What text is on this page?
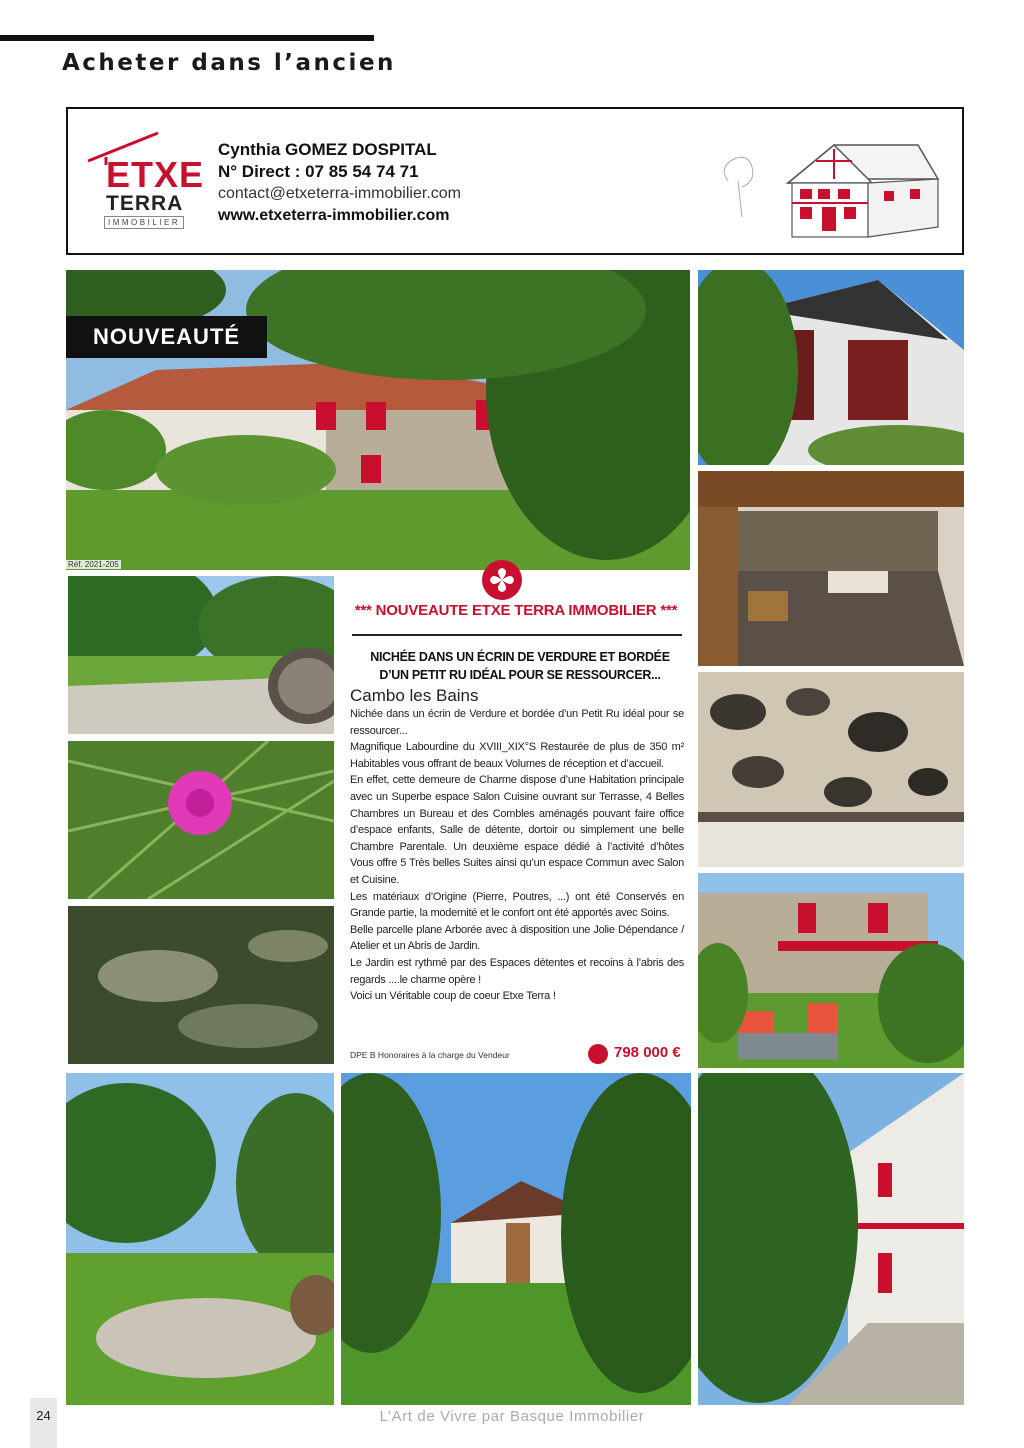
Acheter dans l’ancien
ETXE
TERRA
IMMOBILIER
Cynthia GOMEZ DOSPITAL
N° Direct : 07 85 54 74 71
contact@etxeterra-immobilier.com
www.etxeterra-immobilier.com
NOUVEAUTÉ
Réf. 2021-205
*** NOUVEAUTE ETXE TERRA IMMOBILIER ***
NICHÉE DANS UN ÉCRIN DE VERDURE ET BORDÉE
D’UN PETIT RU IDÉAL POUR SE RESSOURCER...
Cambo les Bains

Nichée dans un écrin de Verdure et bordée d’un Petit Ru idéal pour se ressourcer...

Magnifique Labourdine du XVIII_XIX°S Restaurée de plus de 350 m² Habitables vous offrant de beaux Volumes de réception et d’accueil.

En effet, cette demeure de Charme dispose d’une Habitation principale avec un Superbe espace Salon Cuisine ouvrant sur Terrasse, 4 Belles Chambres un Bureau et des Combles aménagés pouvant faire office d’espace enfants, Salle de détente, dortoir ou simplement une belle Chambre Parentale. Un deuxième espace dédié à l’activité d’hôtes Vous offre 5 Très belles Suites ainsi qu’un espace Commun avec Salon et Cuisine.

Les matériaux d’Origine (Pierre, Poutres, ...) ont été Conservés en Grande partie, la modernité et le confort ont été apportés avec Soins.

Belle parcelle plane Arborée avec à disposition une Jolie Dépendance / Atelier et un Abris de Jardin.

Le Jardin est rythmé par des Espaces détentes et recoins à l’abris des regards ....le charme opère !

Voici un Véritable coup de coeur Etxe Terra !

DPE B Honoraires à la charge du Vendeur	798 000 €
24	L’Art de Vivre par Basque Immobilier
